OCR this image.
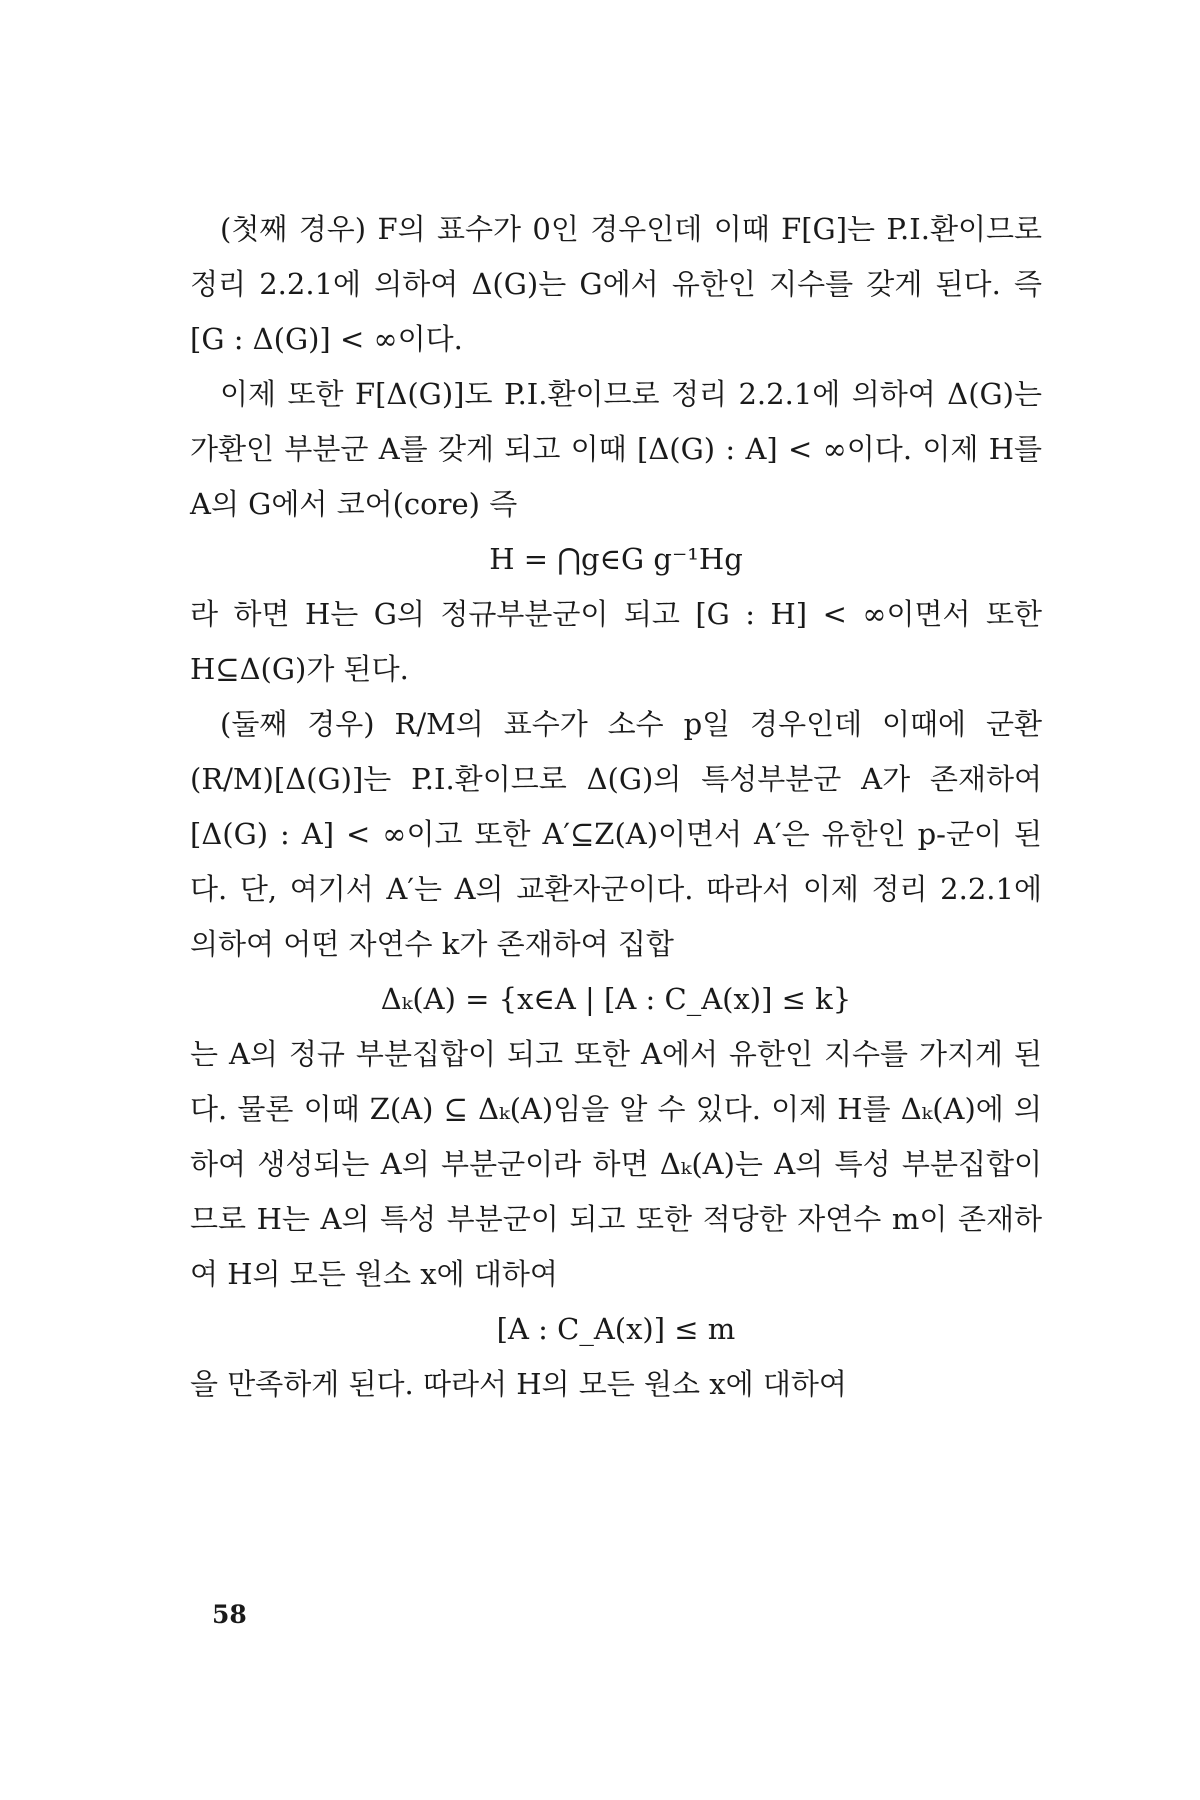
(첫째 경우) F의 표수가 0인 경우인데 이때 F[G]는 P.I.환이므로 정리 2.2.1에 의하여 Δ(G)는 G에서 유한인 지수를 갖게 된다. 즉 [G : Δ(G)] < ∞이다.

이제 또한 F[Δ(G)]도 P.I.환이므로 정리 2.2.1에 의하여 Δ(G)는 가환인 부분군 A를 갖게 되고 이때 [Δ(G) : A] < ∞이다. 이제 H를 A의 G에서 코어(core) 즉

H = ⋂g∈G g⁻¹Hg

라 하면 H는 G의 정규부분군이 되고 [G : H] < ∞이면서 또한 H⊆Δ(G)가 된다.

(둘째 경우) R/M의 표수가 소수 p일 경우인데 이때에 군환 (R/M)[Δ(G)]는 P.I.환이므로 Δ(G)의 특성부분군 A가 존재하여 [Δ(G) : A] < ∞이고 또한 A′⊆Z(A)이면서 A′은 유한인 p-군이 된다. 단, 여기서 A′는 A의 교환자군이다. 따라서 이제 정리 2.2.1에 의하여 어떤 자연수 k가 존재하여 집합

Δₖ(A) = {x∈A | [A : C_A(x)] ≤ k}

는 A의 정규 부분집합이 되고 또한 A에서 유한인 지수를 가지게 된다. 물론 이때 Z(A) ⊆ Δₖ(A)임을 알 수 있다. 이제 H를 Δₖ(A)에 의하여 생성되는 A의 부분군이라 하면 Δₖ(A)는 A의 특성 부분집합이므로 H는 A의 특성 부분군이 되고 또한 적당한 자연수 m이 존재하여 H의 모든 원소 x에 대하여

[A : C_A(x)] ≤ m

을 만족하게 된다. 따라서 H의 모든 원소 x에 대하여

58
